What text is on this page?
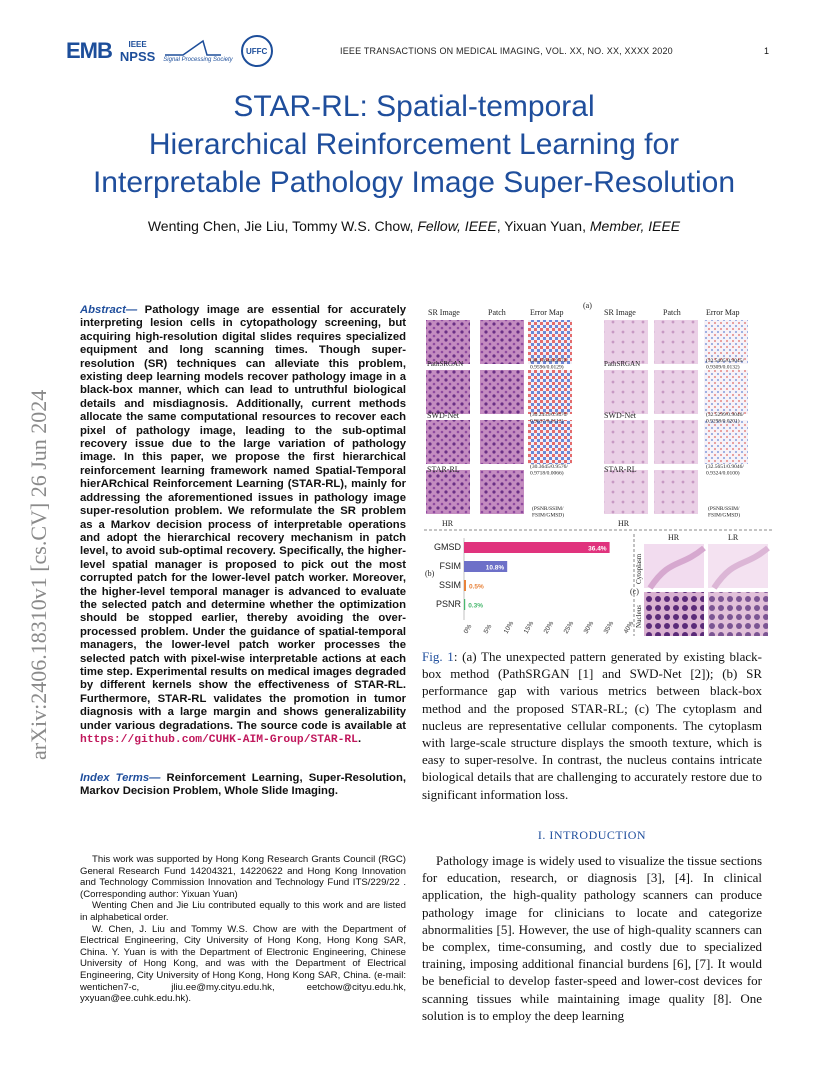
EMB IEEE
NPSS Signal Processing Society
UFFC	IEEE TRANSACTIONS ON MEDICAL IMAGING, VOL. XX, NO. XX, XXXX 2020	1
STAR-RL: Spatial-temporal
Hierarchical Reinforcement Learning for
Interpretable Pathology Image Super-Resolution
Wenting Chen, Jie Liu, Tommy W.S. Chow, Fellow, IEEE, Yixuan Yuan, Member, IEEE
arXiv:2406.18310v1 [cs.CV] 26 Jun 2024
Abstract— Pathology image are essential for accurately interpreting lesion cells in cytopathology screening, but acquiring high-resolution digital slides requires specialized equipment and long scanning times. Though super-resolution (SR) techniques can alleviate this problem, existing deep learning models recover pathology image in a black-box manner, which can lead to untruthful biological details and misdiagnosis. Additionally, current methods allocate the same computational resources to recover each pixel of pathology image, leading to the sub-optimal recovery issue due to the large variation of pathology image. In this paper, we propose the first hierarchical reinforcement learning framework named Spatial-Temporal hierARchical Reinforcement Learning (STAR-RL), mainly for addressing the aforementioned issues in pathology image super-resolution problem. We reformulate the SR problem as a Markov decision process of interpretable operations and adopt the hierarchical recovery mechanism in patch level, to avoid sub-optimal recovery. Specifically, the higher-level spatial manager is proposed to pick out the most corrupted patch for the lower-level patch worker. Moreover, the higher-level temporal manager is advanced to evaluate the selected patch and determine whether the optimization should be stopped earlier, thereby avoiding the over-processed problem. Under the guidance of spatial-temporal managers, the lower-level patch worker processes the selected patch with pixel-wise interpretable actions at each time step. Experimental results on medical images degraded by different kernels show the effectiveness of STAR-RL. Furthermore, STAR-RL validates the promotion in tumor diagnosis with a large margin and shows generalizability under various degradations. The source code is available at https://github.com/CUHK-AIM-Group/STAR-RL.
Index Terms— Reinforcement Learning, Super-Resolution, Markov Decision Problem, Whole Slide Imaging.

This work was supported by Hong Kong Research Grants Council (RGC) General Research Fund 14204321, 14220622 and Hong Kong Innovation and Technology Commission Innovation and Technology Fund ITS/229/22 .(Corresponding author: Yixuan Yuan)

Wenting Chen and Jie Liu contributed equally to this work and are listed in alphabetical order.

W. Chen, J. Liu and Tommy W.S. Chow are with the Department of Electrical Engineering, City University of Hong Kong, Hong Kong SAR, China. Y. Yuan is with the Department of Electronic Engineering, Chinese University of Hong Kong, and was with the Department of Electrical Engineering, City University of Hong Kong, Hong Kong SAR, China. (e-mail: wentichen7-c, jliu.ee@my.cityu.edu.hk, eetchow@cityu.edu.hk, yxyuan@ee.cuhk.edu.hk).

(a)
(b)
(c)
SR Image	Patch	Error Map	SR Image	Patch	Error Map
PathSRGAN
SWD-Net
STAR-RL
HR
(30.1764/0.9572/ 0.9596/0.0129)
(30.2453/0.9470/ 0.9637/0.0112)
(30.3645/0.9576/ 0.9718/0.0066)
(PSNR/SSIM/ FSIM/GMSD)
PathSRGAN
SWD-Net
STAR-RL
HR
(32.5405/0.9045/ 0.9309/0.0132)
(32.5299/0.9046/ 0.9298/0.0201)
(32.5651/0.9046/ 0.9324/0.0100)
(PSNR/SSIM/ FSIM/GMSD)
GMSD	36.4%
FSIM	10.8%
SSIM 0.5%
PSNR 0.3%
0% 5% 10% 15% 20% 25% 30% 35% 40%
HR	LR
Cytoplasm
Nucleus
Fig. 1: (a) The unexpected pattern generated by existing black-box method (PathSRGAN [1] and SWD-Net [2]); (b) SR performance gap with various metrics between black-box method and the proposed STAR-RL; (c) The cytoplasm and nucleus are representative cellular components. The cytoplasm with large-scale structure displays the smooth texture, which is easy to super-resolve. In contrast, the nucleus contains intricate biological details that are challenging to accurately restore due to significant information loss.
I. INTRODUCTION
Pathology image is widely used to visualize the tissue sections for education, research, or diagnosis [3], [4]. In clinical application, the high-quality pathology scanners can produce pathology image for clinicians to locate and categorize abnormalities [5]. However, the use of high-quality scanners can be complex, time-consuming, and costly due to specialized training, imposing additional financial burdens [6], [7]. It would be beneficial to develop faster-speed and lower-cost devices for scanning tissues while maintaining image quality [8]. One solution is to employ the deep learning
